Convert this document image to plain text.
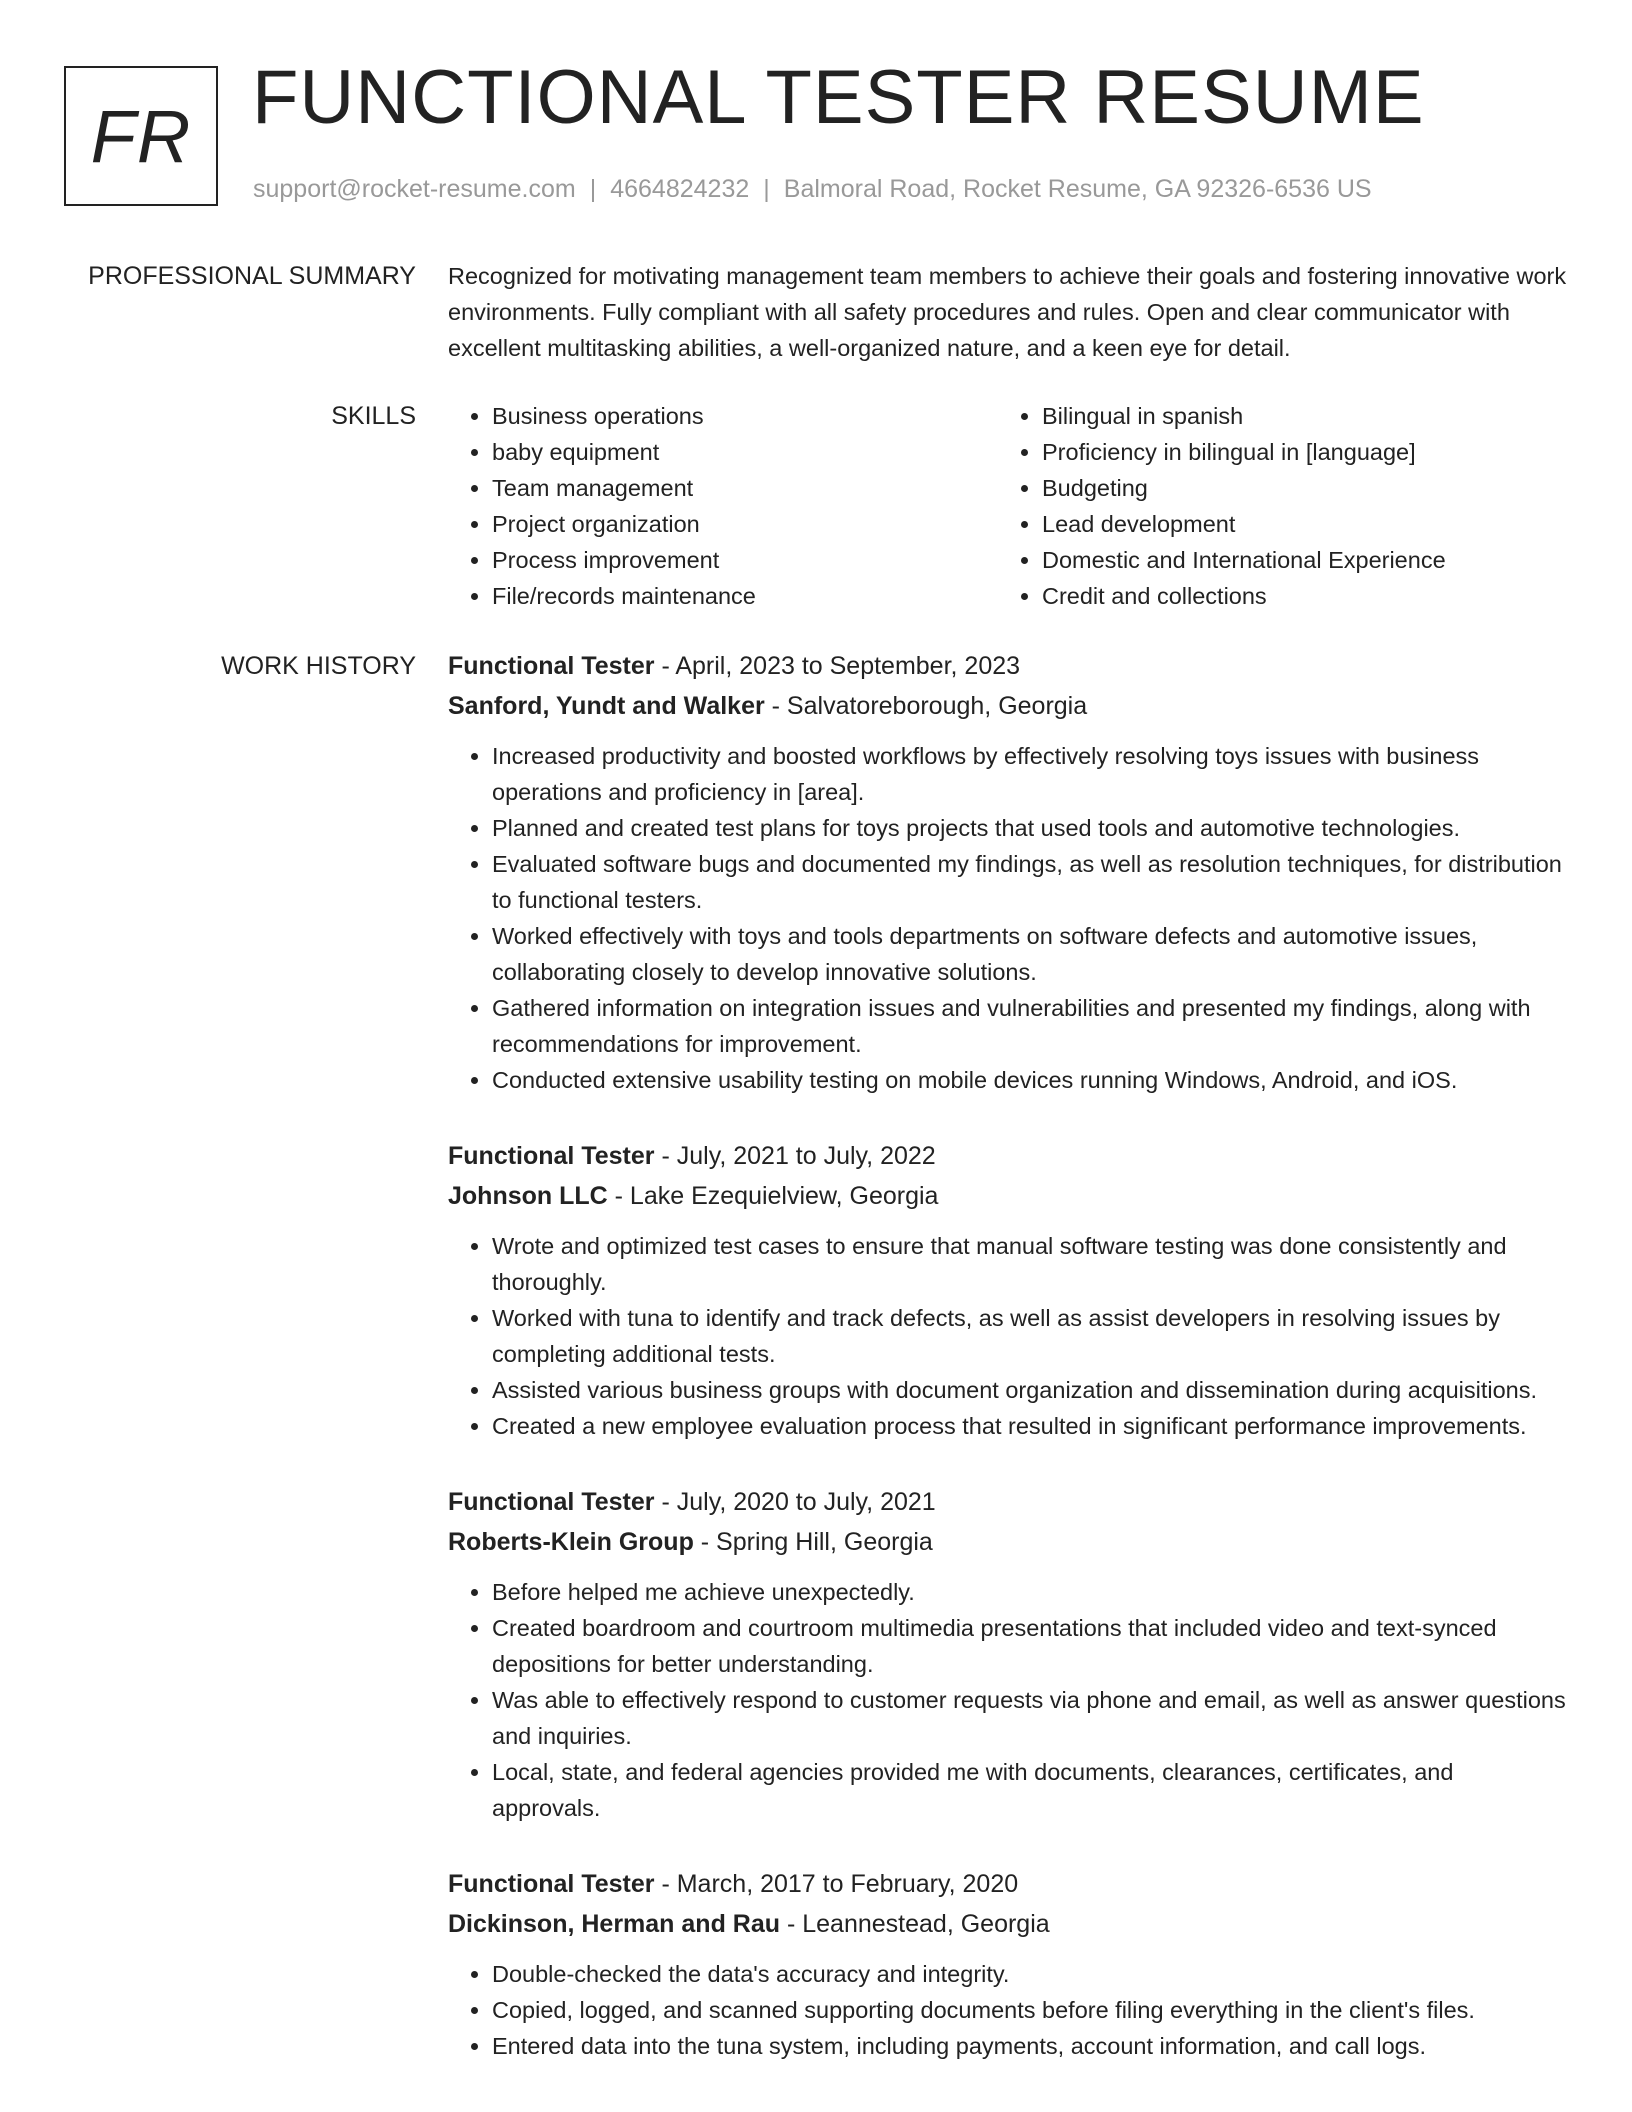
FR FUNCTIONAL TESTER RESUME
support@rocket-resume.com | 4664824232 | Balmoral Road, Rocket Resume, GA 92326-6536 US
PROFESSIONAL SUMMARY Recognized for motivating management team members to achieve their goals and fostering innovative work environments. Fully compliant with all safety procedures and rules. Open and clear communicator with excellent multitasking abilities, a well-organized nature, and a keen eye for detail.

SKILLS
•	Business operations
• baby equipment
• Team management
• Project organization
• Process improvement
• File/records maintenance
• Bilingual in spanish
• Proficiency in bilingual in [language]
• Budgeting
• Lead development
• Domestic and International Experience
• Credit and collections
WORK HISTORY Functional Tester - April, 2023 to September, 2023
Sanford, Yundt and Walker - Salvatoreborough, Georgia
• Increased productivity and boosted workflows by effectively resolving toys issues with business operations and proficiency in [area].
• Planned and created test plans for toys projects that used tools and automotive technologies.
• Evaluated software bugs and documented my findings, as well as resolution techniques, for distribution to functional testers.
• Worked effectively with toys and tools departments on software defects and automotive issues, collaborating closely to develop innovative solutions.
• Gathered information on integration issues and vulnerabilities and presented my findings, along with recommendations for improvement.
• Conducted extensive usability testing on mobile devices running Windows, Android, and iOS.
Functional Tester - July, 2021 to July, 2022
Johnson LLC - Lake Ezequielview, Georgia
• Wrote and optimized test cases to ensure that manual software testing was done consistently and thoroughly.
• Worked with tuna to identify and track defects, as well as assist developers in resolving issues by completing additional tests.
• Assisted various business groups with document organization and dissemination during acquisitions.
• Created a new employee evaluation process that resulted in significant performance improvements.
Functional Tester - July, 2020 to July, 2021
Roberts-Klein Group - Spring Hill, Georgia
• Before helped me achieve unexpectedly.
• Created boardroom and courtroom multimedia presentations that included video and text-synced depositions for better understanding.
• Was able to effectively respond to customer requests via phone and email, as well as answer questions and inquiries.
• Local, state, and federal agencies provided me with documents, clearances, certificates, and approvals.
Functional Tester - March, 2017 to February, 2020
Dickinson, Herman and Rau - Leannestead, Georgia
• Double-checked the data's accuracy and integrity.
• Copied, logged, and scanned supporting documents before filing everything in the client's files.
• Entered data into the tuna system, including payments, account information, and call logs.
